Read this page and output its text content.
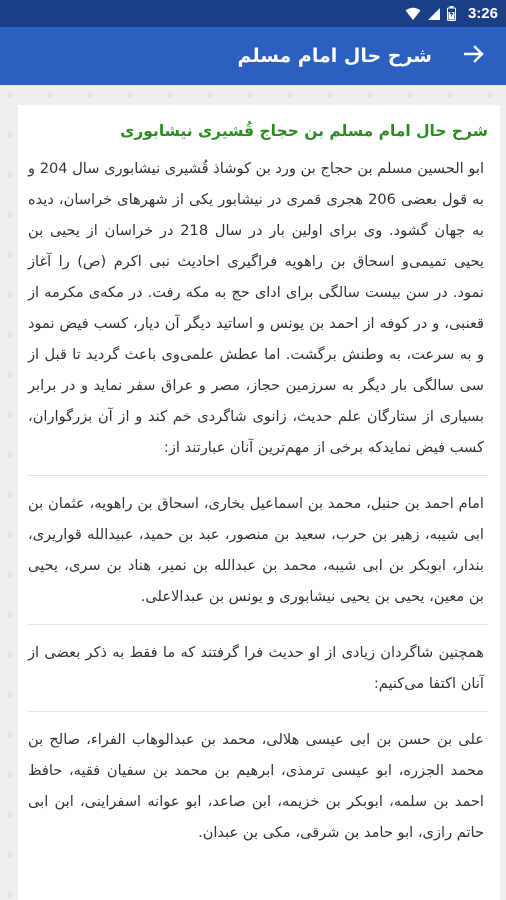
3:26
شرح حال امام مسلم
شرح حال امام مسلم بن حجاج قُشیری نیشابوری

ابو الحسین مسلم بن حجاج بن ورد بن کوشاذ قُشیری نیشابوری سال 204 و به قول بعضی 206 هجری قمری در نیشابور یکی از شهرهای خراسان، دیده به جهان گشود. وی برای اولین بار در سال 218 در خراسان از یحیی بن یحیی تمیمی‌و اسحاق بن راهویه فراگیری احادیث نبی اکرم (ص) را آغاز نمود. در سن بیست سالگی برای ادای حج به مکه رفت. در مکه‌ی مکرمه از قعنبی، و در کوفه از احمد بن یونس و اساتید دیگر آن دیار، کسب فیض نمود و به سرعت، به وطنش برگشت. اما عطش علمی‌وی باعث گردید تا قبل از سی سالگی بار دیگر به سرزمین حجاز، مصر و عراق سفر نماید و در برابر بسیاری از ستارگان علم حدیث، زانوی شاگردی خم کند و از آن بزرگواران، کسب فیض نمایدکه برخی از مهم‌ترین آنان عبارتند از:

امام احمد بن حنبل، محمد بن اسماعیل بخاری، اسحاق بن راهویه، عثمان بن ابی شیبه، زهیر بن حرب، سعید بن منصور، عبد بن حمید، عبیدالله قواریری، بندار، ابوبکر بن ابی شیبه، محمد بن عبدالله بن نمیر، هناد بن سری، یحیی بن معین، یحیی بن یحیی نیشابوری و یونس بن عبدالاعلی.

همچنین شاگردان زیادی از او حدیث فرا گرفتند که ما فقط به ذکر بعضی از آنان اکتفا می‌کنیم:

علی بن حسن بن ابی عیسی هلالی، محمد بن عبدالوهاب الفراء، صالح بن محمد الجزره، ابو عیسی ترمذی، ابرهیم بن محمد بن سفیان فقیه، حافظ احمد بن سلمه، ابوبکر بن خزیمه، ابن صاعد، ابو عوانه اسفراینی، ابن ابی حاتم رازی، ابو حامد بن شرقی، مکی بن عبدان.
